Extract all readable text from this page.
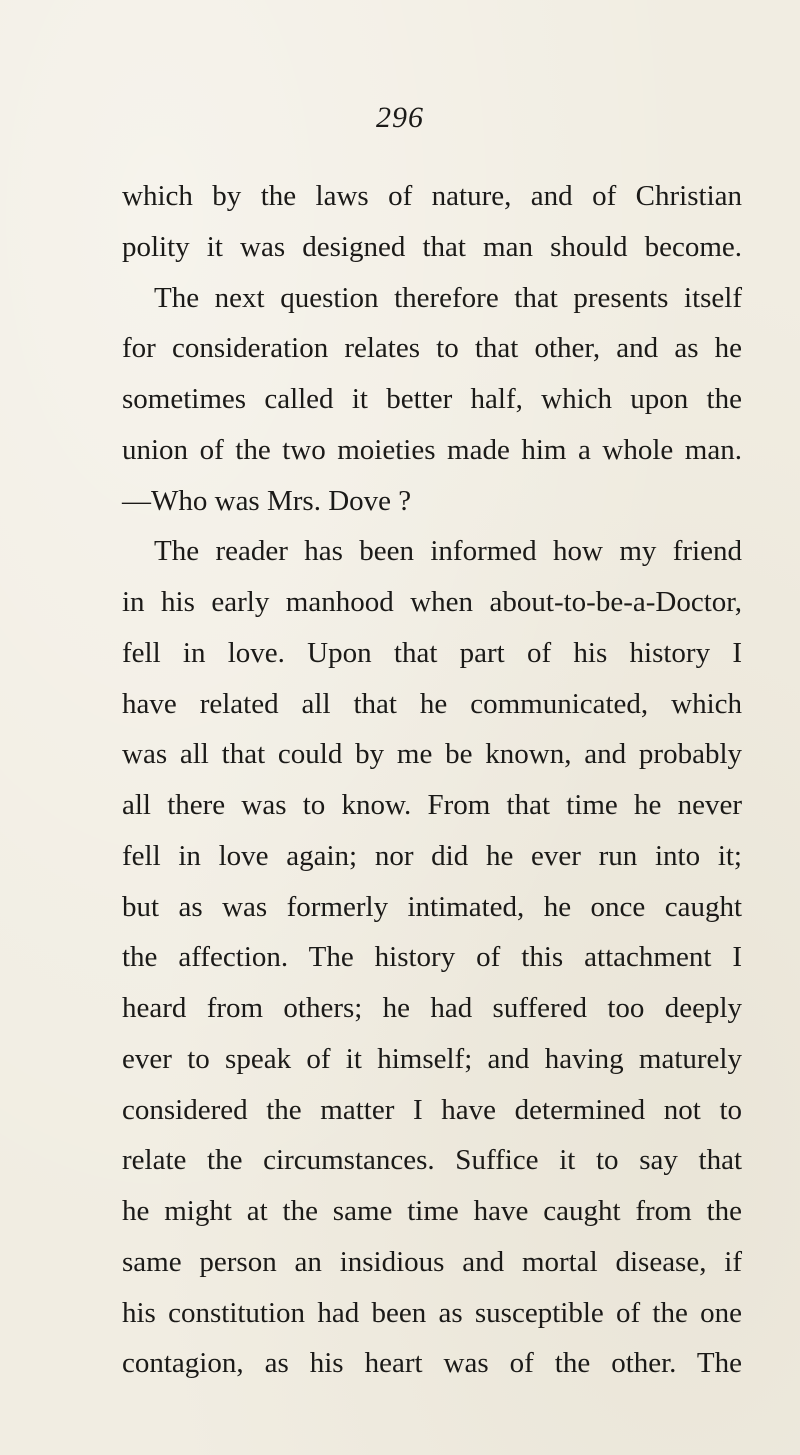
296
which by the laws of nature, and of Christian
polity it was designed that man should become.
The next question therefore that presents itself
for consideration relates to that other, and as he
sometimes called it better half, which upon the
union of the two moieties made him a whole man.
—Who was Mrs. Dove ?
The reader has been informed how my friend
in his early manhood when about-to-be-a-Doctor,
fell in love. Upon that part of his history I
have related all that he communicated, which
was all that could by me be known, and probably
all there was to know. From that time he never
fell in love again; nor did he ever run into it;
but as was formerly intimated, he once caught
the affection. The history of this attachment I
heard from others; he had suffered too deeply
ever to speak of it himself; and having maturely
considered the matter I have determined not to
relate the circumstances. Suffice it to say that
he might at the same time have caught from the
same person an insidious and mortal disease, if
his constitution had been as susceptible of the one
contagion, as his heart was of the other. The
